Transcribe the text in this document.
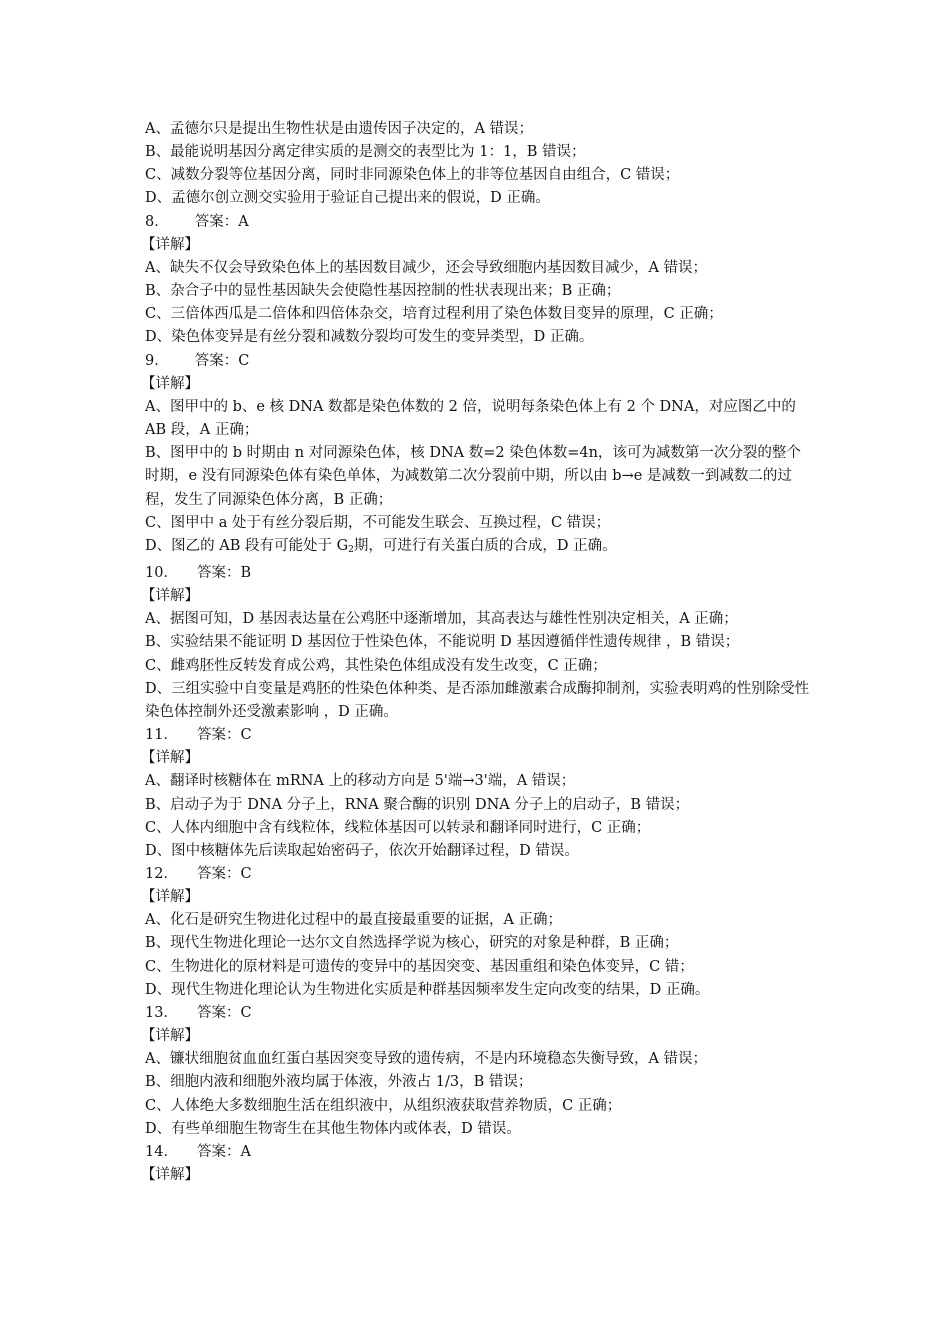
A、孟德尔只是提出生物性状是由遗传因子决定的，A 错误；
B、最能说明基因分离定律实质的是测交的表型比为 1：1，B 错误；
C、减数分裂等位基因分离，同时非同源染色体上的非等位基因自由组合，C 错误；
D、孟德尔创立测交实验用于验证自己提出来的假说，D 正确。
8． 答案：A
【详解】
A、缺失不仅会导致染色体上的基因数目减少，还会导致细胞内基因数目减少，A 错误；
B、杂合子中的显性基因缺失会使隐性基因控制的性状表现出来；B 正确；
C、三倍体西瓜是二倍体和四倍体杂交，培育过程利用了染色体数目变异的原理，C 正确；
D、染色体变异是有丝分裂和减数分裂均可发生的变异类型，D 正确。
9． 答案：C
【详解】
A、图甲中的 b、e 核 DNA 数都是染色体数的 2 倍，说明每条染色体上有 2 个 DNA，对应图乙中的 AB 段，A 正确；
B、图甲中的 b 时期由 n 对同源染色体，核 DNA 数=2 染色体数=4n，该可为减数第一次分裂的整个时期，e 没有同源染色体有染色单体，为减数第二次分裂前中期，所以由 b→e 是减数一到减数二的过程，发生了同源染色体分离，B 正确；
C、图甲中 a 处于有丝分裂后期，不可能发生联会、互换过程，C 错误；
D、图乙的 AB 段有可能处于 $G_2$期，可进行有关蛋白质的合成，D 正确。
10． 答案：B
【详解】
A、据图可知，D 基因表达量在公鸡胚中逐渐增加，其高表达与雄性性别决定相关，A 正确；
B、实验结果不能证明 D 基因位于性染色体，不能说明 D 基因遵循伴性遗传规律 ，B 错误；
C、雌鸡胚性反转发育成公鸡，其性染色体组成没有发生改变，C 正确；
D、三组实验中自变量是鸡胚的性染色体种类、是否添加雌激素合成酶抑制剂，实验表明鸡的性别除受性染色体控制外还受激素影响 ，D 正确。
11． 答案：C
【详解】
A、翻译时核糖体在 mRNA 上的移动方向是 5'端→3'端，A 错误；
B、启动子为于 DNA 分子上，RNA 聚合酶的识别 DNA 分子上的启动子，B 错误；
C、人体内细胞中含有线粒体，线粒体基因可以转录和翻译同时进行，C 正确；
D、图中核糖体先后读取起始密码子，依次开始翻译过程，D 错误。
12． 答案：C
【详解】
A、化石是研究生物进化过程中的最直接最重要的证据，A 正确；
B、现代生物进化理论一达尔文自然选择学说为核心，研究的对象是种群，B 正确；
C、生物进化的原材料是可遗传的变异中的基因突变、基因重组和染色体变异，C 错；
D、现代生物进化理论认为生物进化实质是种群基因频率发生定向改变的结果，D 正确。
13． 答案：C
【详解】
A、镰状细胞贫血血红蛋白基因突变导致的遗传病，不是内环境稳态失衡导致，A 错误；
B、细胞内液和细胞外液均属于体液，外液占 1/3，B 错误；
C、人体绝大多数细胞生活在组织液中，从组织液获取营养物质，C 正确；
D、有些单细胞生物寄生在其他生物体内或体表，D 错误。
14． 答案：A
【详解】
